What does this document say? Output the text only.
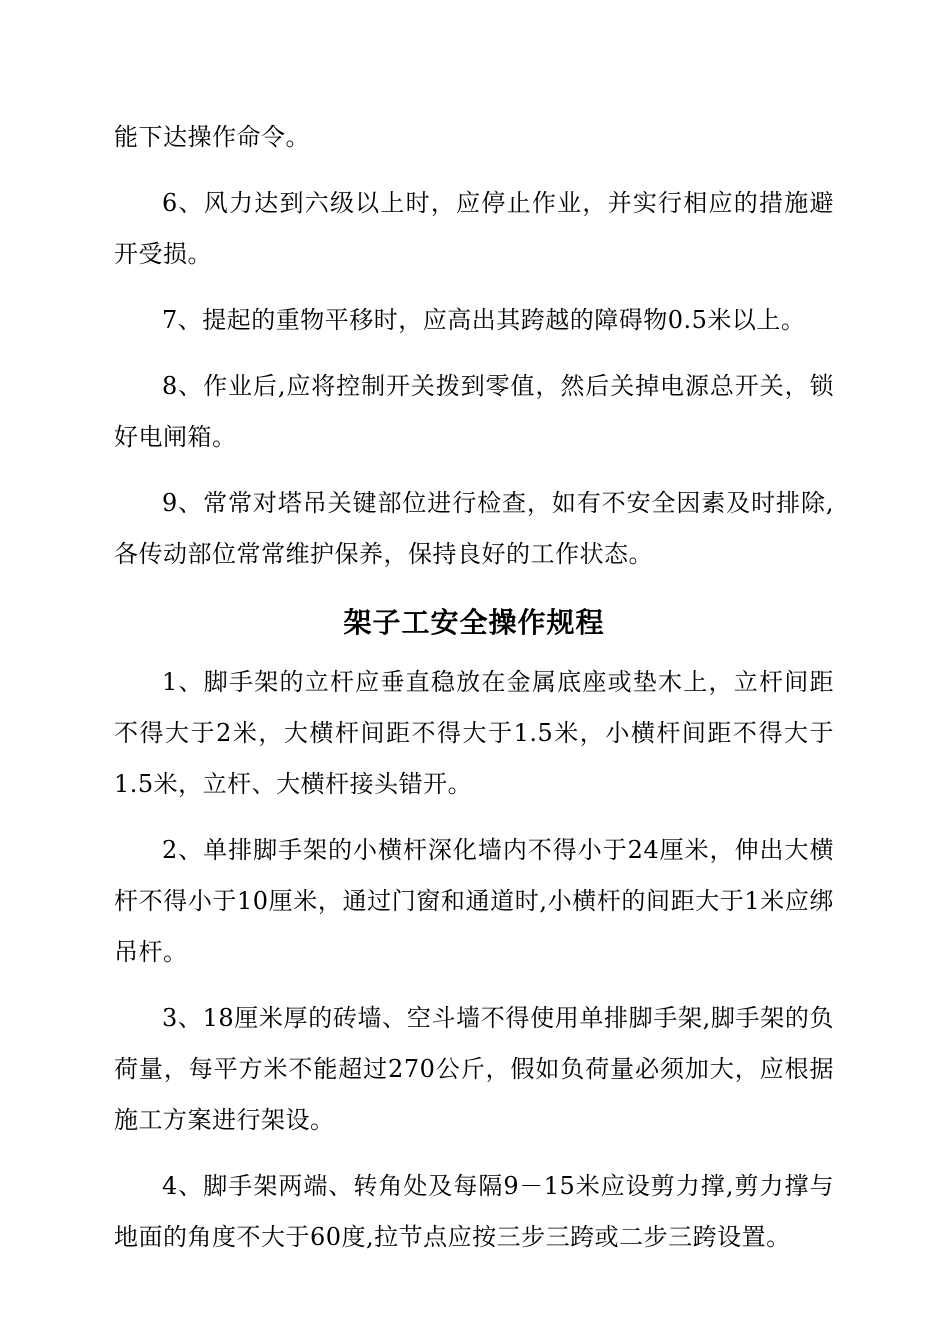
能下达操作命令。

6、风力达到六级以上时，应停止作业，并实行相应的措施避开受损。

7、提起的重物平移时，应高出其跨越的障碍物0.5米以上。

8、作业后,应将控制开关拨到零值，然后关掉电源总开关，锁好电闸箱。

9、常常对塔吊关键部位进行检查，如有不安全因素及时排除,各传动部位常常维护保养，保持良好的工作状态。

架子工安全操作规程

1、脚手架的立杆应垂直稳放在金属底座或垫木上，立杆间距不得大于2米，大横杆间距不得大于1.5米，小横杆间距不得大于1.5米，立杆、大横杆接头错开。

2、单排脚手架的小横杆深化墙内不得小于24厘米，伸出大横杆不得小于10厘米，通过门窗和通道时,小横杆的间距大于1米应绑吊杆。

3、18厘米厚的砖墙、空斗墙不得使用单排脚手架,脚手架的负荷量，每平方米不能超过270公斤，假如负荷量必须加大，应根据施工方案进行架设。

4、脚手架两端、转角处及每隔9－15米应设剪力撑,剪力撑与地面的角度不大于60度,拉节点应按三步三跨或二步三跨设置。
